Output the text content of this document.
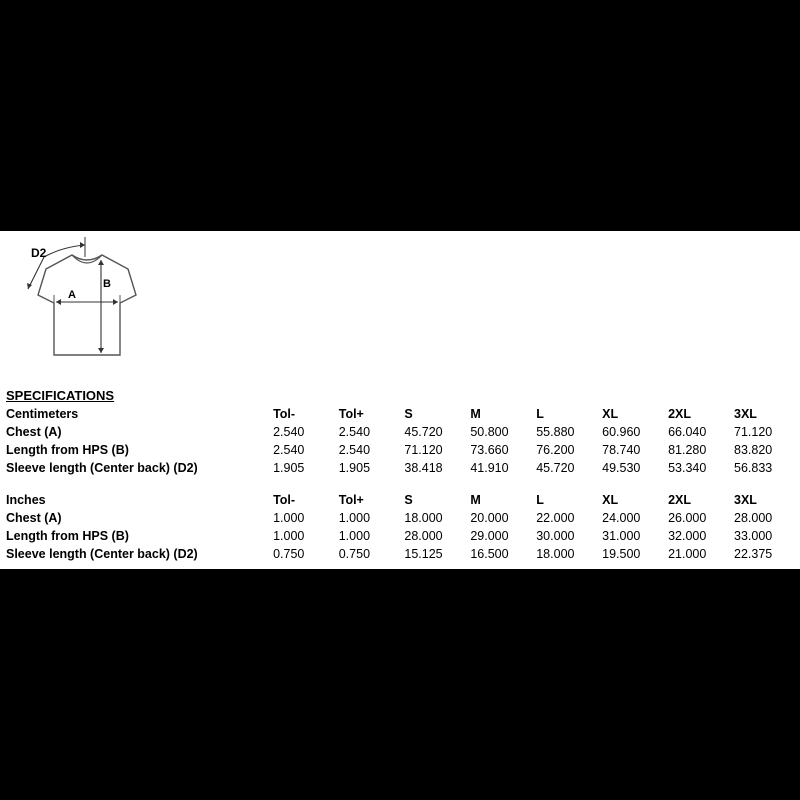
D2
A
B
SPECIFICATIONS
Centimeters	Tol-	Tol+	S	M	L	XL	2XL	3XL
Chest (A)	2.540	2.540	45.720	50.800	55.880	60.960	66.040	71.120
Length from HPS (B)	2.540	2.540	71.120	73.660	76.200	78.740	81.280	83.820
Sleeve length (Center back) (D2)	1.905	1.905	38.418	41.910	45.720	49.530	53.340	56.833

Inches	Tol-	Tol+	S	M	L	XL	2XL	3XL
Chest (A)	1.000	1.000	18.000	20.000	22.000	24.000	26.000	28.000
Length from HPS (B)	1.000	1.000	28.000	29.000	30.000	31.000	32.000	33.000
Sleeve length (Center back) (D2)	0.750	0.750	15.125	16.500	18.000	19.500	21.000	22.375
